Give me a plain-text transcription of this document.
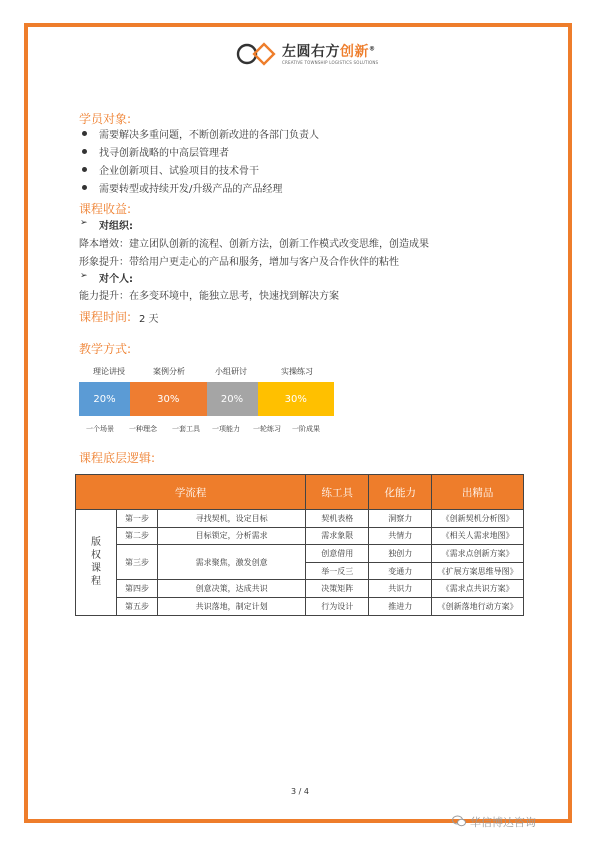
左圆右方创新®
CREATIVE TOWNSHIP LOGISTICS SOLUTIONS
学员对象:
需要解决多重问题，不断创新改进的各部门负责人
找寻创新战略的中高层管理者
企业创新项目、试验项目的技术骨干
需要转型或持续开发/升级产品的产品经理
课程收益:
➢ 对组织:
降本增效：建立团队创新的流程、创新方法，创新工作模式改变思维，创造成果
形象提升：带给用户更走心的产品和服务，增加与客户及合作伙伴的粘性
➢ 对个人:
能力提升：在多变环境中，能独立思考，快速找到解决方案
课程时间: 2 天
教学方式:
理论讲授	案例分析	小组研讨	实操练习
20%	30%	20%	30%
一个场景 一种理念 一套工具 一项能力 一轮练习 一阶成果
课程底层逻辑:
学流程			练工具	化能力	出精品

版
权
课
程	第一步	寻找契机，设定目标	契机表格	洞察力	《创新契机分析图》
	第二步	目标锁定，分析需求	需求象限	共情力	《相关人需求地图》
	第三步	需求聚焦，激发创意	创意借用	独创力	《需求点创新方案》
			举一反三	变通力	《扩展方案思维导图》
	第四步	创意决策，达成共识	决策矩阵	共识力	《需求点共识方案》
	第五步	共识落地，制定计划	行为设计	推进力	《创新落地行动方案》
3 / 4
华信博达咨询
